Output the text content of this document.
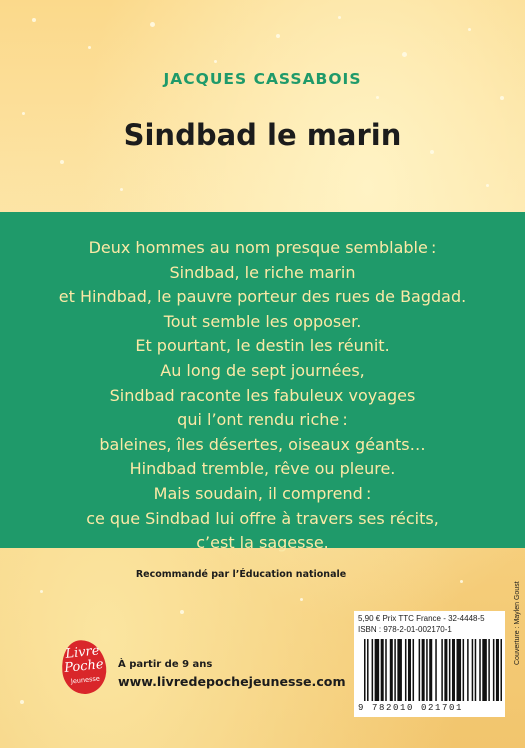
JACQUES CASSABOIS
Sindbad le marin
Deux hommes au nom presque semblable :
Sindbad, le riche marin
et Hindbad, le pauvre porteur des rues de Bagdad.
Tout semble les opposer.
Et pourtant, le destin les réunit.
Au long de sept journées,
Sindbad raconte les fabuleux voyages
qui l’ont rendu riche :
baleines, îles désertes, oiseaux géants…
Hindbad tremble, rêve ou pleure.
Mais soudain, il comprend :
ce que Sindbad lui offre à travers ses récits,
c’est la sagesse.
Recommandé par l’Éducation nationale
Livre
Poche
Jeunesse
À partir de 9 ans
www.livredepochejeunesse.com
5,90 € Prix TTC France - 32-4448-5
ISBN : 978-2-01-002170-1
9 782010 021701
Couverture : Maylen Goust
